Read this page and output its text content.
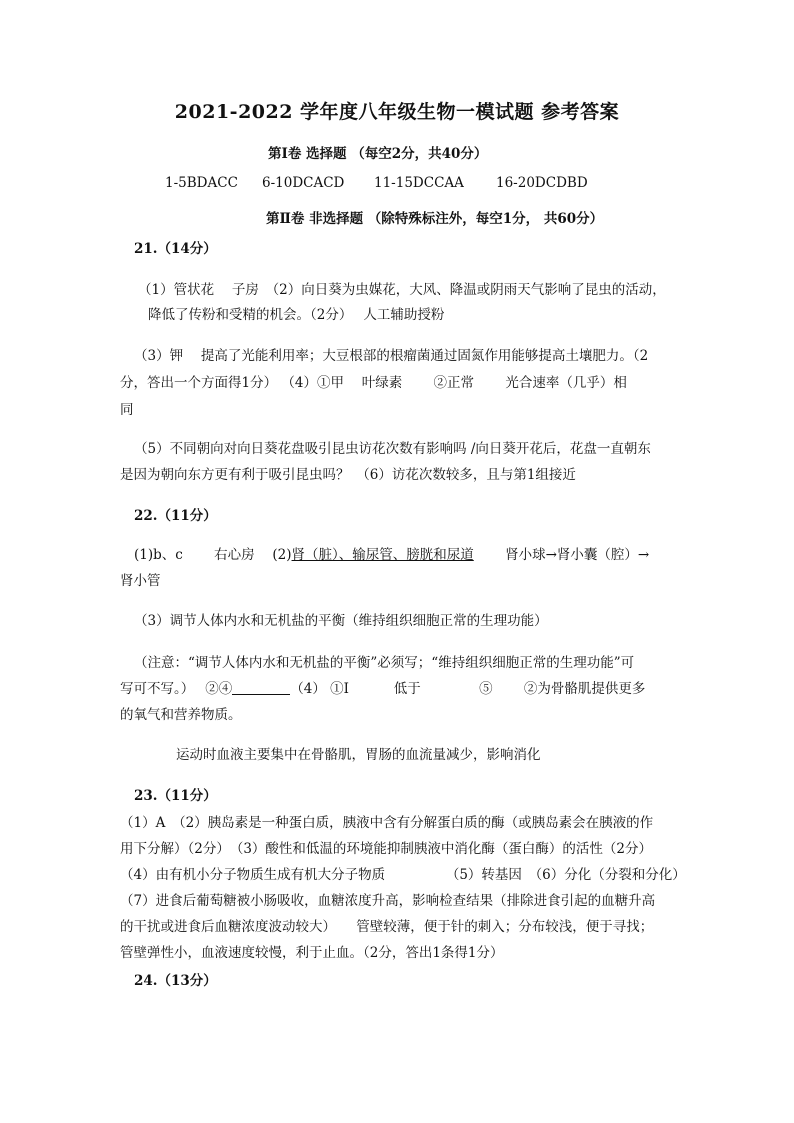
2021-2022 学年度八年级生物一模试题 参考答案
第Ⅰ卷 选择题 （每空2分，共40分）
1-5BDACC 6-10DCACD 11-15DCCAA 16-20DCDBD
第Ⅱ卷 非选择题 （除特殊标注外，每空1分， 共60分）
21.（14分）
（1）管状花　 子房　（2）向日葵为虫媒花，大风、降温或阴雨天气影响了昆虫的活动，
降低了传粉和受精的机会。（2分）　 人工辅助授粉
（3）钾　 提高了光能利用率；大豆根部的根瘤菌通过固氮作用能够提高土壤肥力。（2
分，答出一个方面得1分） （4）①甲　 叶绿素　　 ②正常　　 光合速率（几乎）相
同
（5）不同朝向对向日葵花盘吸引昆虫访花次数有影响吗 /向日葵开花后，花盘一直朝东
是因为朝向东方更有利于吸引昆虫吗？　（6）访花次数较多，且与第1组接近
22.（11分）
(1)b、c　　 右心房　 (2)肾（脏）、输尿管、膀胱和尿道　　 肾小球→肾小囊（腔）→
肾小管
（3）调节人体内水和无机盐的平衡（维持组织细胞正常的生理功能）
（注意：“调节人体内水和无机盐的平衡”必须写；“维持组织细胞正常的生理功能”可
写可不写。）　 ②④	（4） ①Ⅰ　　　 低于　　　　 ⑤　　 ②为骨骼肌提供更多
的氧气和营养物质。
运动时血液主要集中在骨骼肌，胃肠的血流量减少，影响消化
23.（11分）
（1）A　（2）胰岛素是一种蛋白质，胰液中含有分解蛋白质的酶（或胰岛素会在胰液的作
用下分解）（2分）　（3）酸性和低温的环境能抑制胰液中消化酶（蛋白酶）的活性（2分）
（4）由有机小分子物质生成有机大分子物质　　　　　（5）转基因　（6）分化（分裂和分化）
（7）进食后葡萄糖被小肠吸收，血糖浓度升高，影响检查结果（排除进食引起的血糖升高
的干扰或进食后血糖浓度波动较大）　　管壁较薄，便于针的刺入；分布较浅，便于寻找；
管壁弹性小，血液速度较慢，利于止血。（2分，答出1条得1分）
24.（13分）
